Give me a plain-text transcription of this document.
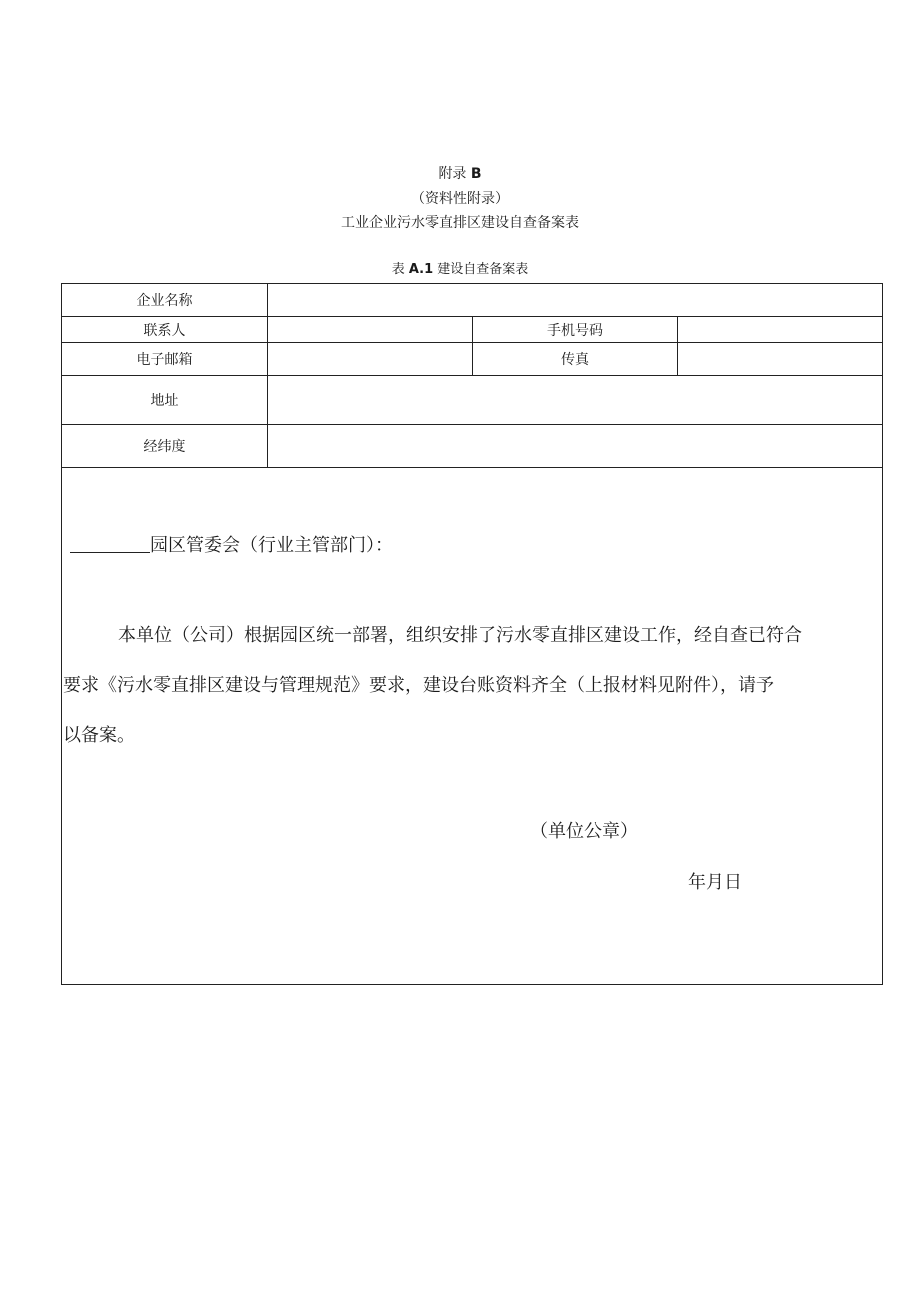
附录 B
（资料性附录）
工业企业污水零直排区建设自查备案表
表 A.1 建设自查备案表
企业名称
联系人	手机号码
电子邮箱	传真
地址
经纬度
园区管委会（行业主管部门）：
本单位（公司）根据园区统一部署，组织安排了污水零直排区建设工作，经自查已符合
要求《污水零直排区建设与管理规范》要求，建设台账资料齐全（上报材料见附件），请予
以备案。
（单位公章）
年月日
